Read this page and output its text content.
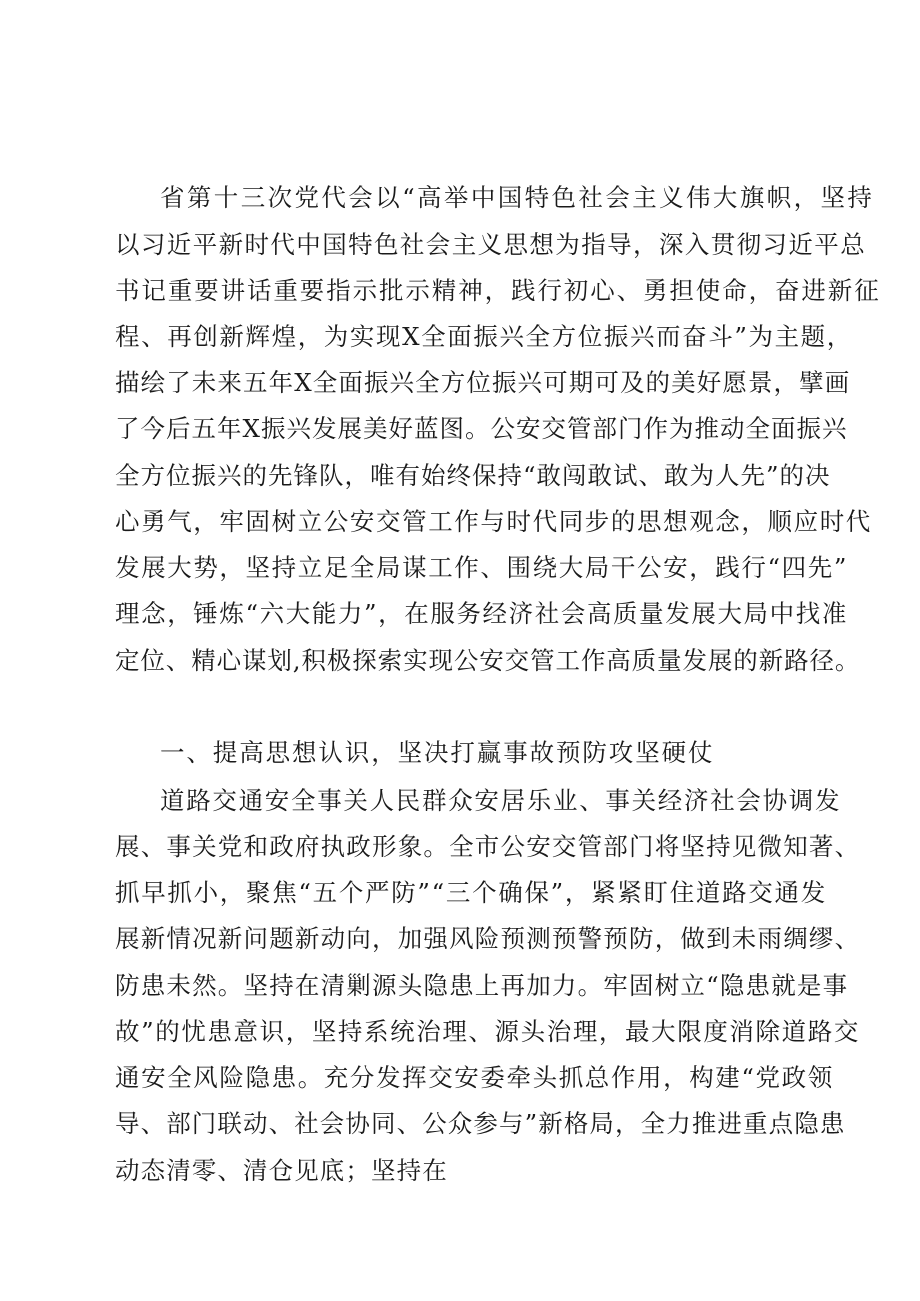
省第十三次党代会以“高举中国特色社会主义伟大旗帜，坚持
以习近平新时代中国特色社会主义思想为指导，深入贯彻习近平总
书记重要讲话重要指示批示精神，践行初心、勇担使命，奋进新征
程、再创新辉煌，为实现X全面振兴全方位振兴而奋斗”为主题，
描绘了未来五年X全面振兴全方位振兴可期可及的美好愿景，擘画
了今后五年X振兴发展美好蓝图。公安交管部门作为推动全面振兴
全方位振兴的先锋队，唯有始终保持“敢闯敢试、敢为人先”的决
心勇气，牢固树立公安交管工作与时代同步的思想观念，顺应时代
发展大势，坚持立足全局谋工作、围绕大局干公安，践行“四先”
理念，锤炼“六大能力”，在服务经济社会高质量发展大局中找准
定位、精心谋划,积极探索实现公安交管工作高质量发展的新路径。
一、提高思想认识，坚决打赢事故预防攻坚硬仗
道路交通安全事关人民群众安居乐业、事关经济社会协调发
展、事关党和政府执政形象。全市公安交管部门将坚持见微知著、
抓早抓小，聚焦“五个严防”“三个确保”，紧紧盯住道路交通发
展新情况新问题新动向，加强风险预测预警预防，做到未雨绸缪、
防患未然。坚持在清剿源头隐患上再加力。牢固树立“隐患就是事
故”的忧患意识，坚持系统治理、源头治理，最大限度消除道路交
通安全风险隐患。充分发挥交安委牵头抓总作用，构建“党政领
导、部门联动、社会协同、公众参与”新格局，全力推进重点隐患
动态清零、清仓见底；坚持在
